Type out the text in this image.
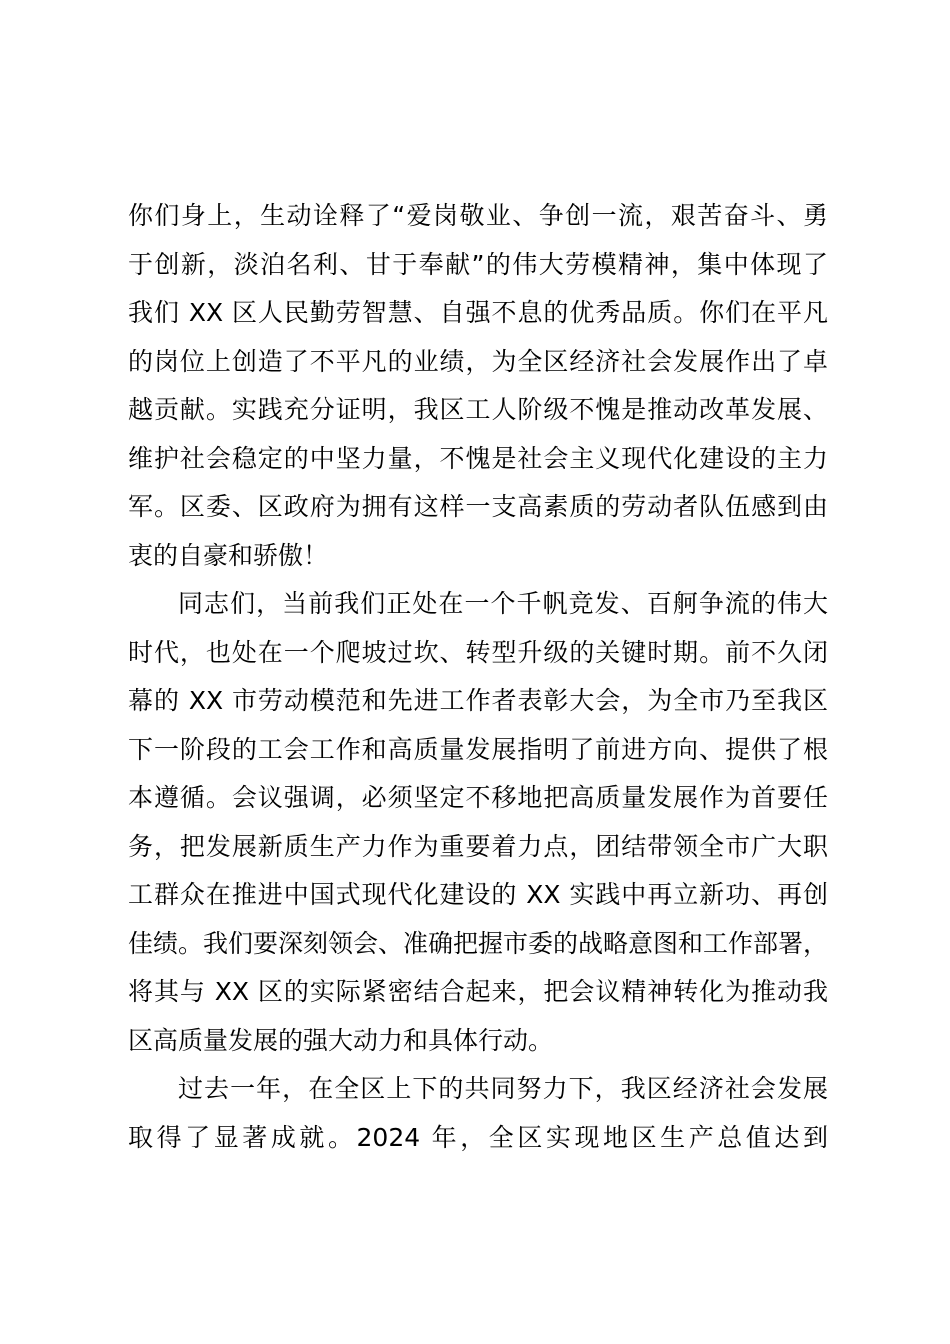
你们身上，生动诠释了“爱岗敬业、争创一流，艰苦奋斗、勇
于创新，淡泊名利、甘于奉献”的伟大劳模精神，集中体现了
我们 XX 区人民勤劳智慧、自强不息的优秀品质。你们在平凡
的岗位上创造了不平凡的业绩，为全区经济社会发展作出了卓
越贡献。实践充分证明，我区工人阶级不愧是推动改革发展、
维护社会稳定的中坚力量，不愧是社会主义现代化建设的主力
军。区委、区政府为拥有这样一支高素质的劳动者队伍感到由
衷的自豪和骄傲！
同志们，当前我们正处在一个千帆竞发、百舸争流的伟大
时代，也处在一个爬坡过坎、转型升级的关键时期。前不久闭
幕的 XX 市劳动模范和先进工作者表彰大会，为全市乃至我区
下一阶段的工会工作和高质量发展指明了前进方向、提供了根
本遵循。会议强调，必须坚定不移地把高质量发展作为首要任
务，把发展新质生产力作为重要着力点，团结带领全市广大职
工群众在推进中国式现代化建设的 XX 实践中再立新功、再创
佳绩。我们要深刻领会、准确把握市委的战略意图和工作部署，
将其与 XX 区的实际紧密结合起来，把会议精神转化为推动我
区高质量发展的强大动力和具体行动。
过去一年，在全区上下的共同努力下，我区经济社会发展
取得了显著成就。2024 年，全区实现地区生产总值达到
